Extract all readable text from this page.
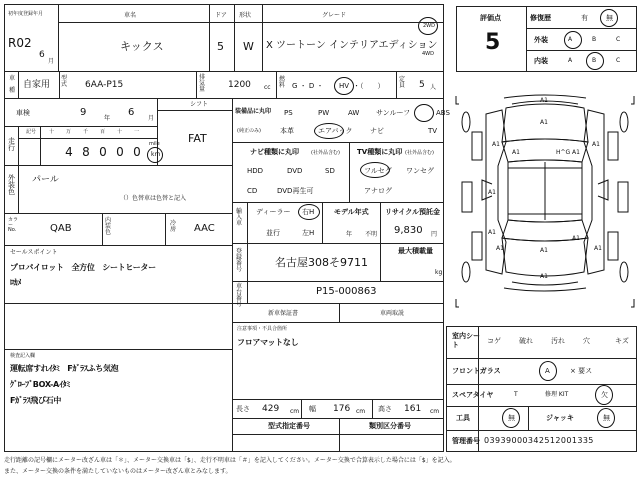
初年度登録年月
R02
6
月
車名
キックス
ドア
5
形状
W
グレード
X ツートーン インテリアエディション
2WD
4WD
車
種
自家用
型式 6AA-P15
排気量	1200 cc
燃料 G ・ D ・ HV ・（　　）
定員 5 人
車検	9
年
6
月
シフト
FAT
走行
記号	十 万 千 百 十 一
4 8 0 0 0
mile
km
装備品に丸印
(純正のみ)
PS	PW	AW サンルーフ	ABS
本革	エアバック	ナビ	TV
ナビ種類に丸印 (社外品含む) TV種類に丸印 (社外品含む)
HDD	DVD	SD
CD	DVD再生可
フルセグ ワンセグ
アナログ
外装色
パール
（）色替車は色替と記入
カラーNo.	QAB
内装色
冷房 AAC
輸入車
ディーラー 右H
並行	左H
モデル年式
年 不明
リサイクル預託金
9,830 円
セールスポイント
プロパイロット　全方位　シートヒーター
ﾛｶﾒ
登録番号
名古屋308そ9711
最大積載量
kg
車台番号
P15-000863
新車保証書	車両取説
注意事項・不具合箇所
フロアマットなし
検査記入欄
運転席すれｲﾀﾐ　Fｶﾞﾗｽふち気泡
ｸﾞﾛｰﾌﾞBOX-Aｲﾀﾐ
Fｶﾞﾗｽ飛び石中
長さ 429 cm 幅 176 cm 高さ 161 cm
型式指定番号	類別区分番号
評価点
5
修復歴	有	無
外装	A	B	C
内装	A	B	C
A1
A1
A1	A1
A1	A1
A1
A1
A1	A1	A1
A1
A1
H^G
室内シート
コゲ	破れ	汚れ	穴	キズ
フロントガラス	A	× 要ス
スペアタイヤ	T	修理 KIT	欠
工具	無	ジャッキ	無
管理番号 03939000342512001335
走行距離の記号欄にメーター改ざん車は「＊」、メーター交換車は「$」、走行不明車は「＃」を記入してください。メーター交換で合算表示した場合には「$」を記入。
また、メーター交換の条件を満たしていないものはメーター改ざん車とみなします。
